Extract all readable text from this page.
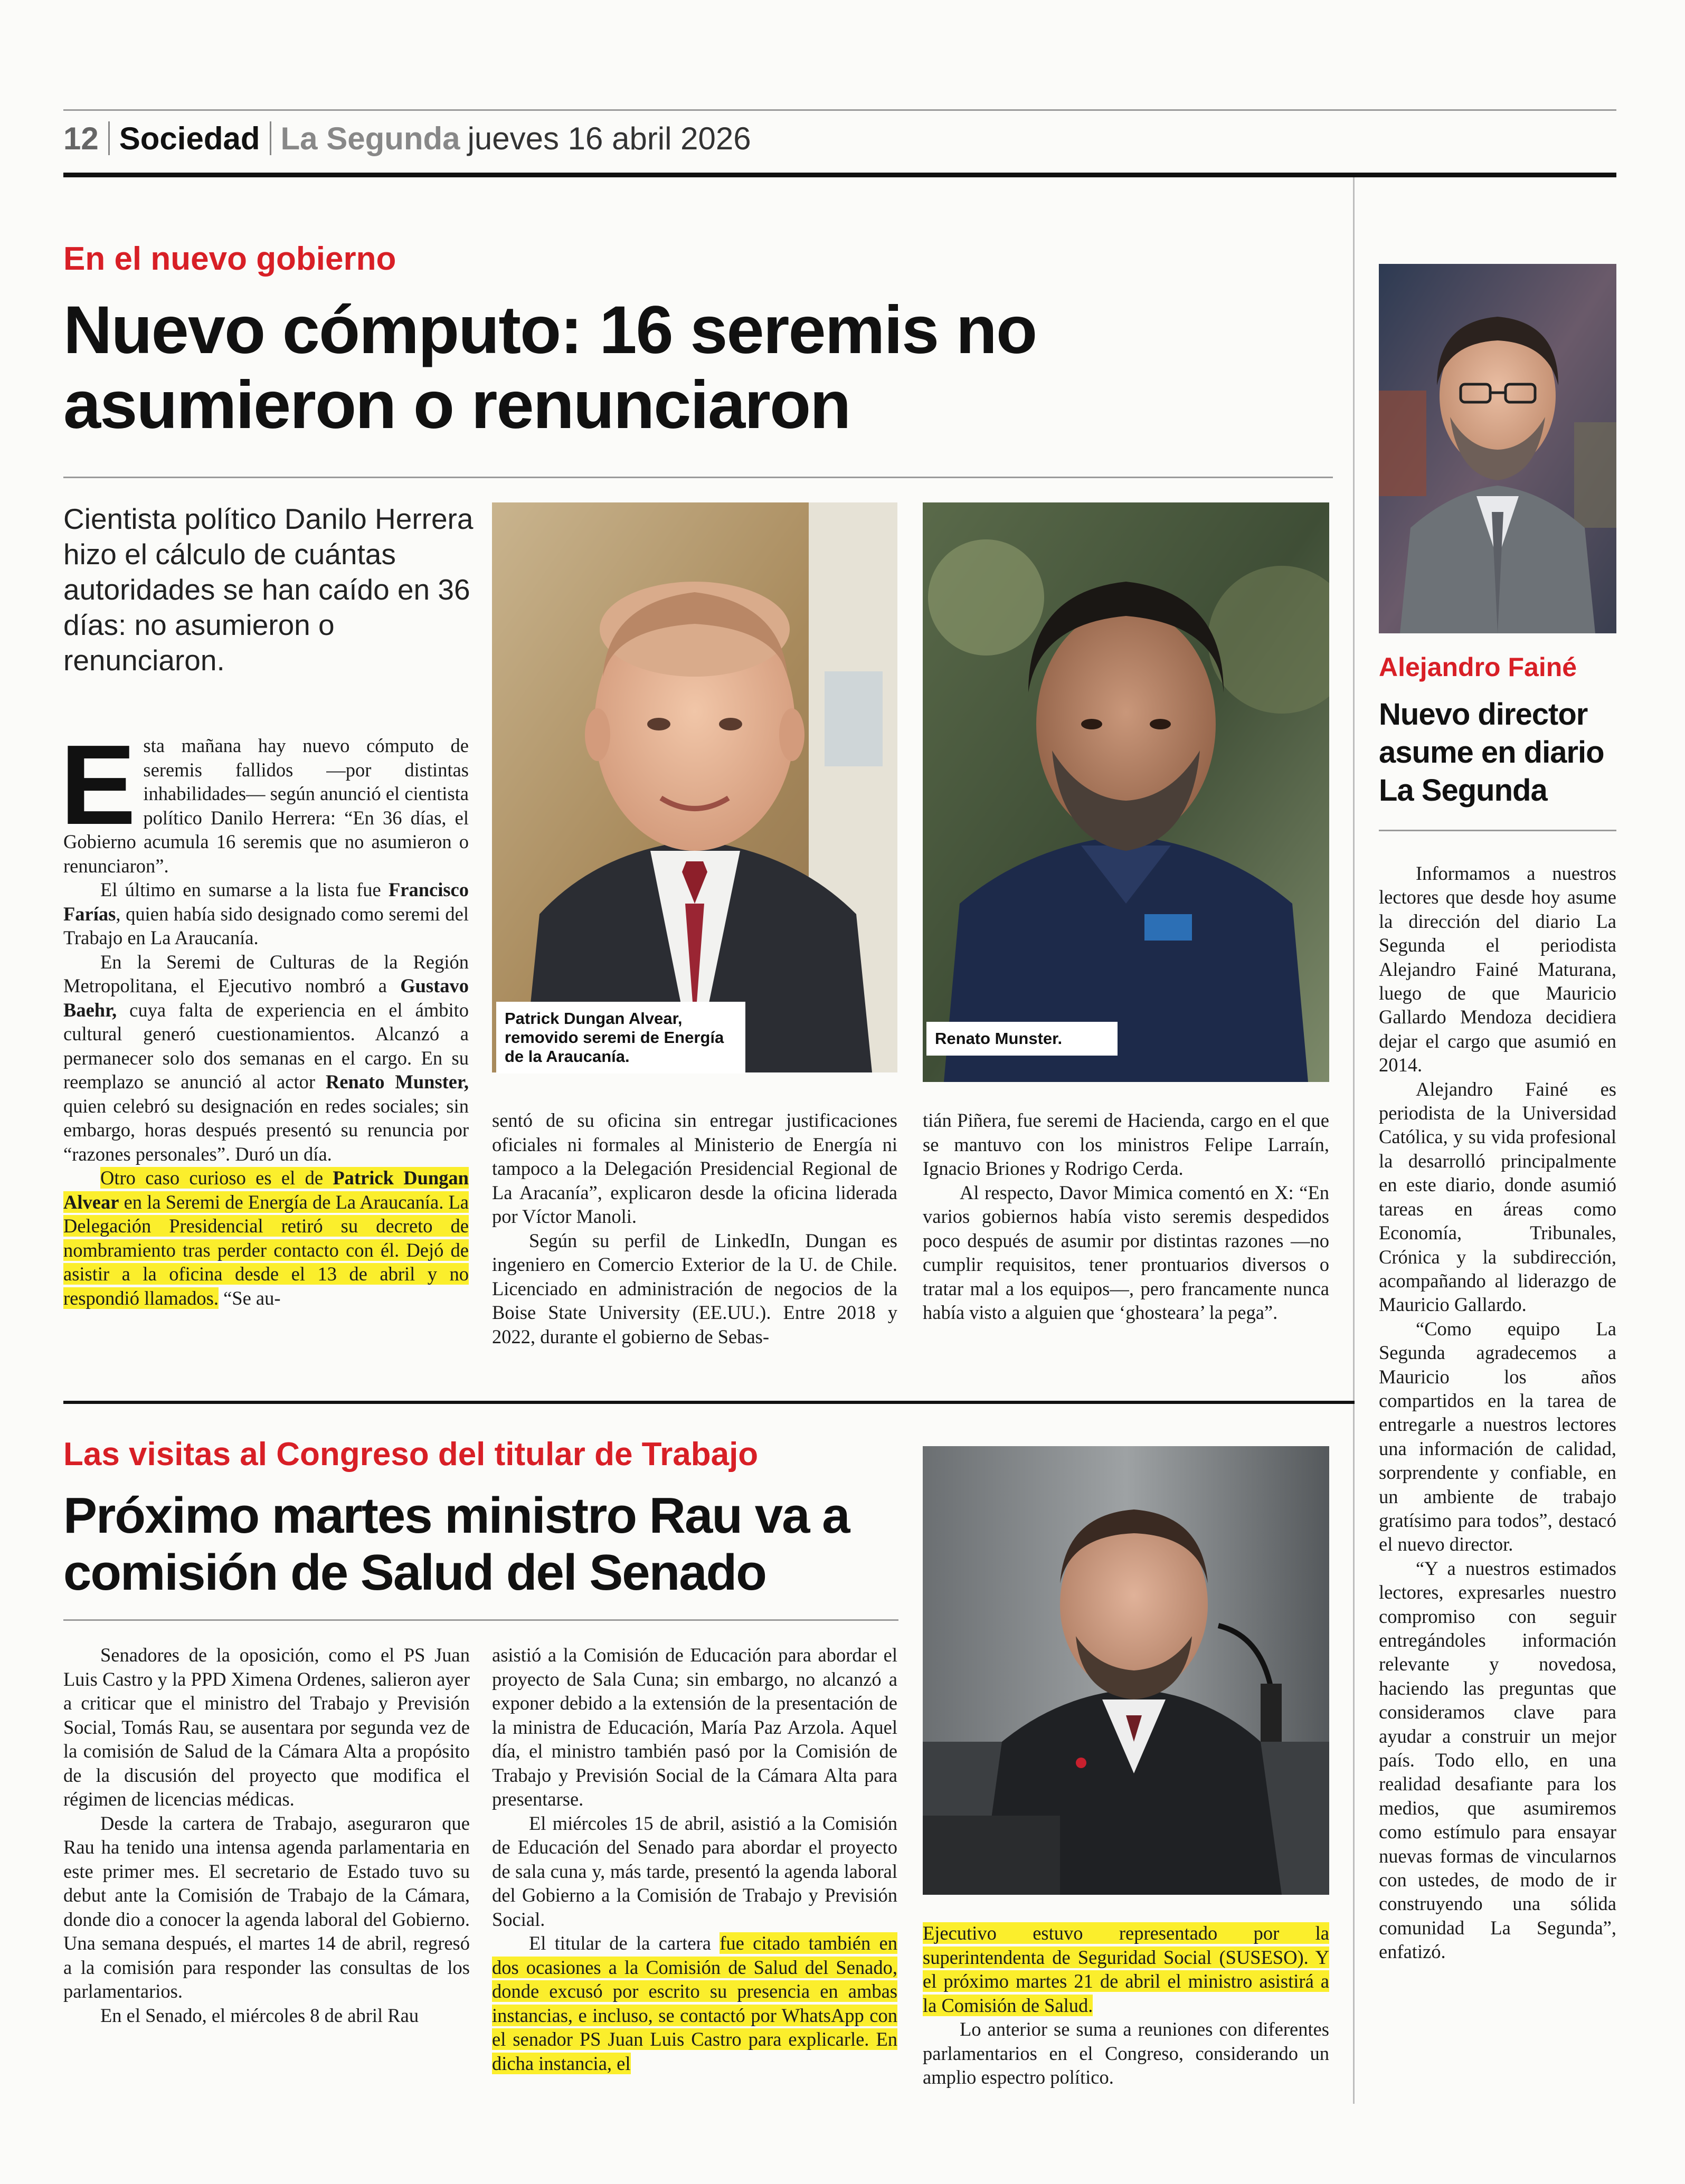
12 Sociedad La Segunda jueves 16 abril 2026
En el nuevo gobierno
Nuevo cómputo: 16 seremis no asumieron o renunciaron
Cientista político Danilo Herrera hizo el cálculo de cuántas autoridades se han caído en 36 días: no asumieron o renunciaron.
E sta mañana hay nuevo cómputo de seremis fallidos —por distintas inhabilidades— según anunció el cientista político Danilo Herrera: “En 36 días, el Gobierno acumula 16 seremis que no asumieron o renunciaron”.

El último en sumarse a la lista fue Francisco Farías, quien había sido designado como seremi del Trabajo en La Araucanía.

En la Seremi de Culturas de la Región Metropolitana, el Ejecutivo nombró a Gustavo Baehr, cuya falta de experiencia en el ámbito cultural generó cuestionamientos. Alcanzó a permanecer solo dos semanas en el cargo. En su reemplazo se anunció al actor Renato Munster, quien celebró su designación en redes sociales; sin embargo, horas después presentó su renuncia por “razones personales”. Duró un día.

Otro caso curioso es el de Patrick Dungan Alvear en la Seremi de Energía de La Araucanía. La Delegación Presidencial retiró su decreto de nombramiento tras perder contacto con él. Dejó de asistir a la oficina desde el 13 de abril y no respondió llamados. “Se au-

Patrick Dungan Alvear, removido seremi de Energía de la Araucanía.
Renato Munster.

sentó de su oficina sin entregar justificaciones oficiales ni formales al Ministerio de Energía ni tampoco a la Delegación Presidencial Regional de La Aracanía”, explicaron desde la oficina liderada por Víctor Manoli.

Según su perfil de LinkedIn, Dungan es ingeniero en Comercio Exterior de la U. de Chile. Licenciado en administración de negocios de la Boise State University (EE.UU.). Entre 2018 y 2022, durante el gobierno de Sebas-

tián Piñera, fue seremi de Hacienda, cargo en el que se mantuvo con los ministros Felipe Larraín, Ignacio Briones y Rodrigo Cerda.

Al respecto, Davor Mimica comentó en X: “En varios gobiernos había visto seremis despedidos poco después de asumir por distintas razones —no cumplir requisitos, tener prontuarios diversos o tratar mal a los equipos—, pero francamente nunca había visto a alguien que ‘ghosteara’ la pega”.

Las visitas al Congreso del titular de Trabajo
Próximo martes ministro Rau va a comisión de Salud del Senado

Senadores de la oposición, como el PS Juan Luis Castro y la PPD Ximena Ordenes, salieron ayer a criticar que el ministro del Trabajo y Previsión Social, Tomás Rau, se ausentara por segunda vez de la comisión de Salud de la Cámara Alta a propósito de la discusión del proyecto que modifica el régimen de licencias médicas.

Desde la cartera de Trabajo, aseguraron que Rau ha tenido una intensa agenda parlamentaria en este primer mes. El secretario de Estado tuvo su debut ante la Comisión de Trabajo de la Cámara, donde dio a conocer la agenda laboral del Gobierno. Una semana después, el martes 14 de abril, regresó a la comisión para responder las consultas de los parlamentarios.

En el Senado, el miércoles 8 de abril Rau

asistió a la Comisión de Educación para abordar el proyecto de Sala Cuna; sin embargo, no alcanzó a exponer debido a la extensión de la presentación de la ministra de Educación, María Paz Arzola. Aquel día, el ministro también pasó por la Comisión de Trabajo y Previsión Social de la Cámara Alta para presentarse.

El miércoles 15 de abril, asistió a la Comisión de Educación del Senado para abordar el proyecto de sala cuna y, más tarde, presentó la agenda laboral del Gobierno a la Comisión de Trabajo y Previsión Social.

El titular de la cartera fue citado también en dos ocasiones a la Comisión de Salud del Senado, donde excusó por escrito su presencia en ambas instancias, e incluso, se contactó por WhatsApp con el senador PS Juan Luis Castro para explicarle. En dicha instancia, el

Ejecutivo estuvo representado por la superintendenta de Seguridad Social (SUSESO). Y el próximo martes 21 de abril el ministro asistirá a la Comisión de Salud.

Lo anterior se suma a reuniones con diferentes parlamentarios en el Congreso, considerando un amplio espectro político.

Alejandro Fainé
Nuevo director asume en diario La Segunda

Informamos a nuestros lectores que desde hoy asume la dirección del diario La Segunda el periodista Alejandro Fainé Maturana, luego de que Mauricio Gallardo Mendoza decidiera dejar el cargo que asumió en 2014.

Alejandro Fainé es periodista de la Universidad Católica, y su vida profesional la desarrolló principalmente en este diario, donde asumió tareas en áreas como Economía, Tribunales, Crónica y la subdirección, acompañando al liderazgo de Mauricio Gallardo.

“Como equipo La Segunda agradecemos a Mauricio los años compartidos en la tarea de entregarle a nuestros lectores una información de calidad, sorprendente y confiable, en un ambiente de trabajo gratísimo para todos”, destacó el nuevo director.

“Y a nuestros estimados lectores, expresarles nuestro compromiso con seguir entregándoles información relevante y novedosa, haciendo las preguntas que consideramos clave para ayudar a construir un mejor país. Todo ello, en una realidad desafiante para los medios, que asumiremos como estímulo para ensayar nuevas formas de vincularnos con ustedes, de modo de ir construyendo una sólida comunidad La Segunda”, enfatizó.
